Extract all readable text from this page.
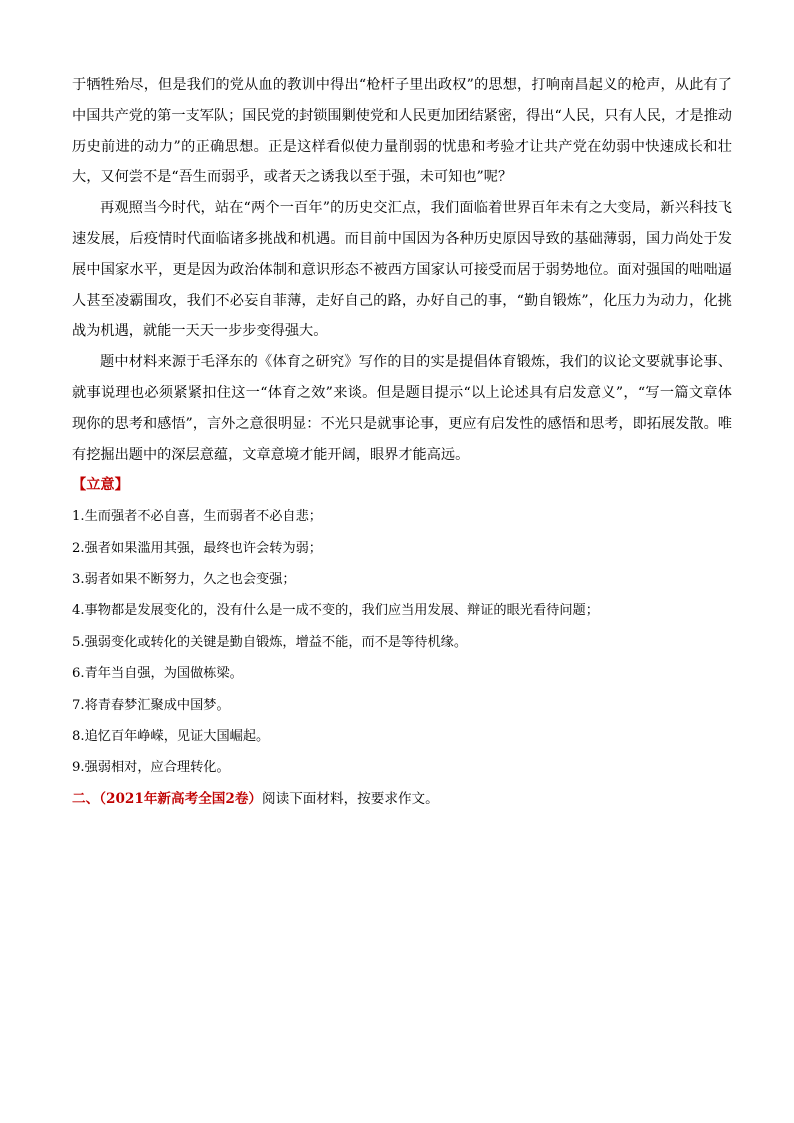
于牺牲殆尽，但是我们的党从血的教训中得出“枪杆子里出政权”的思想，打响南昌起义的枪声，从此有了中国共产党的第一支军队；国民党的封锁围剿使党和人民更加团结紧密，得出“人民，只有人民，才是推动历史前进的动力”的正确思想。正是这样看似使力量削弱的忧患和考验才让共产党在幼弱中快速成长和壮大，又何尝不是“吾生而弱乎，或者天之诱我以至于强，未可知也”呢？

再观照当今时代，站在“两个一百年”的历史交汇点，我们面临着世界百年未有之大变局，新兴科技飞速发展，后疫情时代面临诸多挑战和机遇。而目前中国因为各种历史原因导致的基础薄弱，国力尚处于发展中国家水平，更是因为政治体制和意识形态不被西方国家认可接受而居于弱势地位。面对强国的咄咄逼人甚至凌霸围攻，我们不必妄自菲薄，走好自己的路，办好自己的事，“勤自锻炼”，化压力为动力，化挑战为机遇，就能一天天一步步变得强大。

题中材料来源于毛泽东的《体育之研究》写作的目的实是提倡体育锻炼，我们的议论文要就事论事、就事说理也必须紧紧扣住这一“体育之效”来谈。但是题目提示“以上论述具有启发意义”，“写一篇文章体现你的思考和感悟”，言外之意很明显：不光只是就事论事，更应有启发性的感悟和思考，即拓展发散。唯有挖掘出题中的深层意蕴，文章意境才能开阔，眼界才能高远。

【立意】

1.生而强者不必自喜，生而弱者不必自悲；
2.强者如果滥用其强，最终也许会转为弱；
3.弱者如果不断努力，久之也会变强；
4.事物都是发展变化的，没有什么是一成不变的，我们应当用发展、辩证的眼光看待问题；
5.强弱变化或转化的关键是勤自锻炼，增益不能，而不是等待机缘。
6.青年当自强，为国做栋梁。
7.将青春梦汇聚成中国梦。
8.追忆百年峥嵘，见证大国崛起。
9.强弱相对，应合理转化。

二、（2021年新高考全国2卷）阅读下面材料，按要求作文。
